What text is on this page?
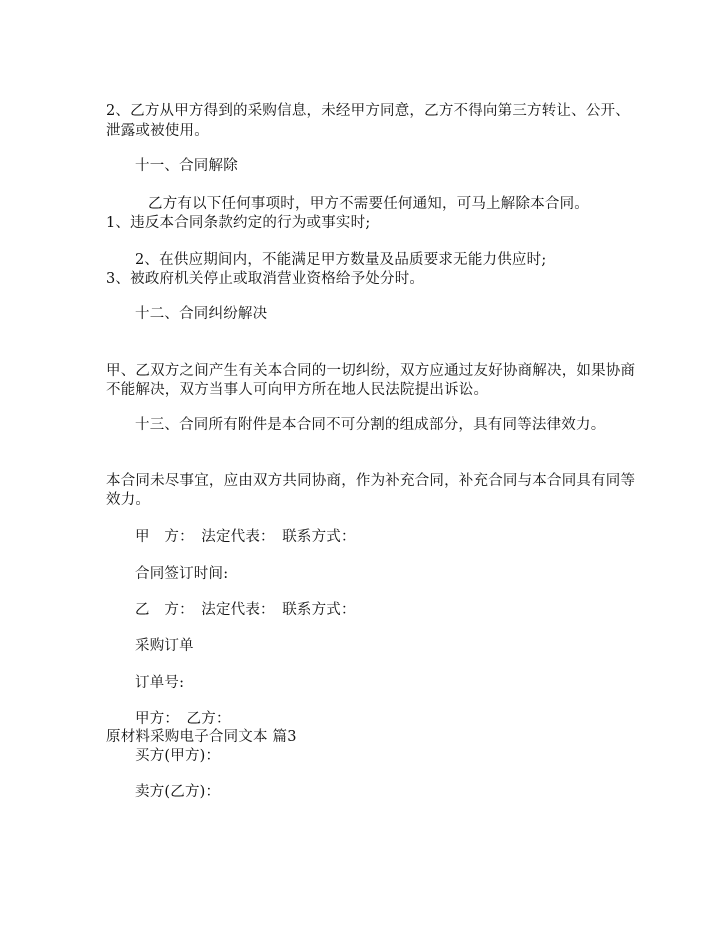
2、乙方从甲方得到的采购信息，未经甲方同意，乙方不得向第三方转让、公开、
泄露或被使用。
十一、合同解除
乙方有以下任何事项时，甲方不需要任何通知，可马上解除本合同。
1、违反本合同条款约定的行为或事实时;
2、在供应期间内，不能满足甲方数量及品质要求无能力供应时;
3、被政府机关停止或取消营业资格给予处分时。
十二、合同纠纷解决
甲、乙双方之间产生有关本合同的一切纠纷，双方应通过友好协商解决，如果协商
不能解决，双方当事人可向甲方所在地人民法院提出诉讼。
十三、合同所有附件是本合同不可分割的组成部分，具有同等法律效力。
本合同未尽事宜，应由双方共同协商，作为补充合同，补充合同与本合同具有同等
效力。
甲　方：　法定代表：　联系方式：
合同签订时间:
乙　方：　法定代表：　联系方式：
采购订单
订单号:
甲方：　乙方：
原材料采购电子合同文本 篇3
买方(甲方)：
卖方(乙方)：
